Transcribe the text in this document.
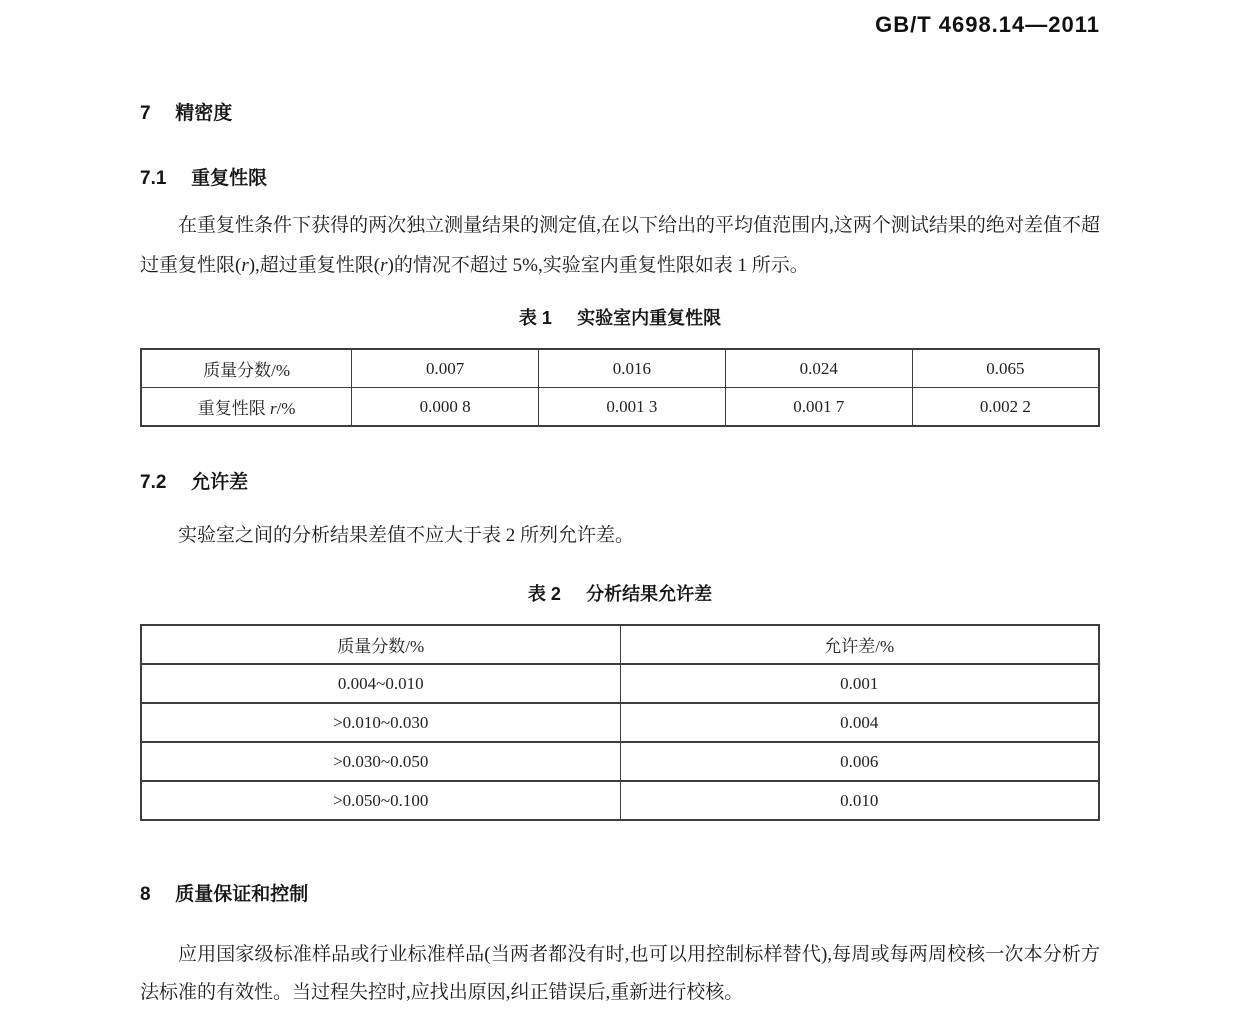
GB/T 4698.14—2011
7 精密度
7.1 重复性限

在重复性条件下获得的两次独立测量结果的测定值,在以下给出的平均值范围内,这两个测试结果的绝对差值不超过重复性限(r),超过重复性限(r)的情况不超过 5%,实验室内重复性限如表 1 所示。

表 1 实验室内重复性限
质量分数/%	0.007	0.016	0.024	0.065
重复性限 r/%	0.000 8	0.001 3	0.001 7	0.002 2
7.2 允许差

实验室之间的分析结果差值不应大于表 2 所列允许差。

表 2 分析结果允许差
质量分数/%	允许差/%
0.004~0.010	0.001
>0.010~0.030	0.004
>0.030~0.050	0.006
>0.050~0.100	0.010
8 质量保证和控制

应用国家级标准样品或行业标准样品(当两者都没有时,也可以用控制标样替代),每周或每两周校核一次本分析方法标准的有效性。当过程失控时,应找出原因,纠正错误后,重新进行校核。
